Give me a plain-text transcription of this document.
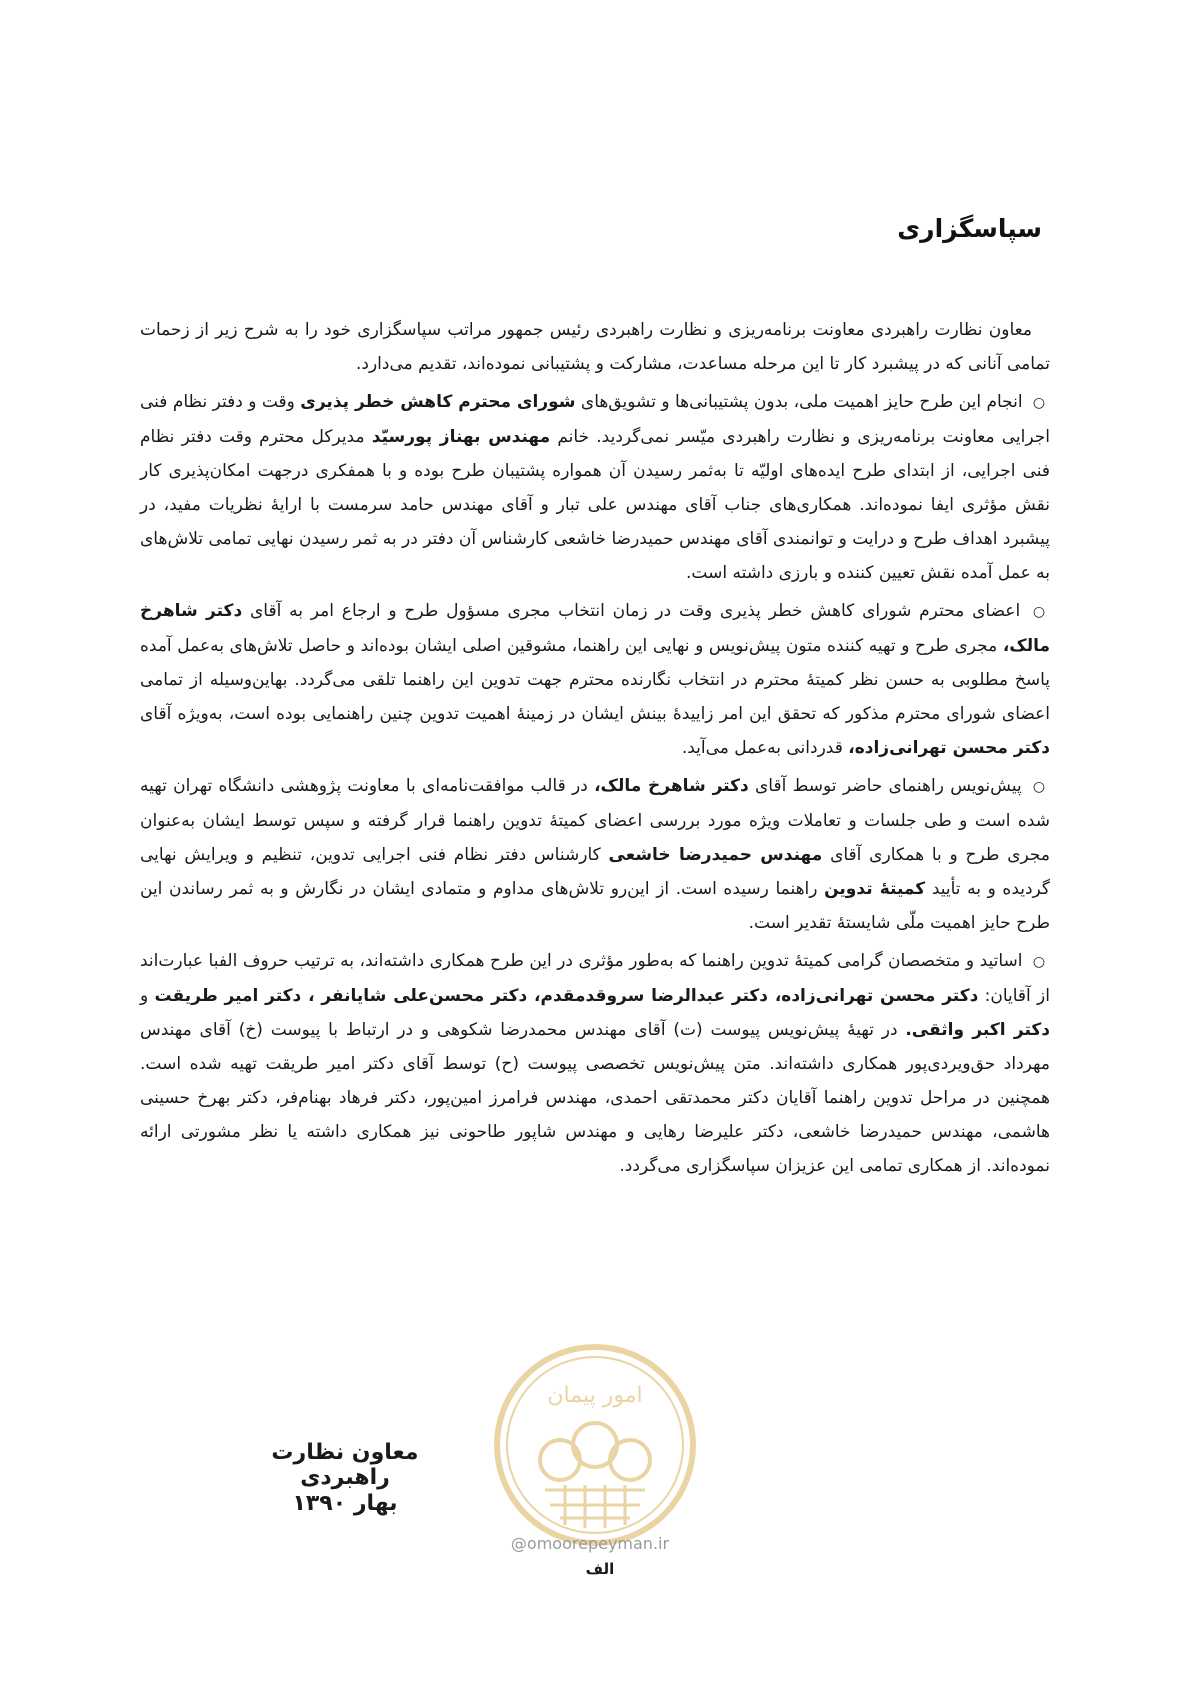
سپاسگزاری

معاون نظارت راهبردی معاونت برنامه‌ریزی و نظارت راهبردی رئیس جمهور مراتب سپاسگزاری خود را به شرح زیر از زحمات تمامی آنانی که در پیشبرد کار تا این مرحله مساعدت، مشارکت و پشتیبانی نموده‌اند، تقدیم می‌دارد.

○ انجام این طرح حایز اهمیت ملی، بدون پشتیبانی‌ها و تشویق‌های شورای محترم کاهش خطر پذیری وقت و دفتر نظام فنی اجرایی معاونت برنامه‌ریزی و نظارت راهبردی میّسر نمی‌گردید. خانم مهندس بهناز پورسیّد مدیرکل محترم وقت دفتر نظام فنی اجرایی، از ابتدای طرح ایده‌های اولیّه تا به‌ثمر رسیدن آن همواره پشتیبان طرح بوده و با همفکری درجهت امکان‌پذیری کار نقش مؤثری ایفا نموده‌اند. همکاری‌های جناب آقای مهندس علی تبار و آقای مهندس حامد سرمست با ارایهٔ نظریات مفید، در پیشبرد اهداف طرح و درایت و توانمندی آقای مهندس حمیدرضا خاشعی کارشناس آن دفتر در به ثمر رسیدن نهایی تمامی تلاش‌های به عمل آمده نقش تعیین کننده و بارزی داشته است.

○ اعضای محترم شورای کاهش خطر پذیری وقت در زمان انتخاب مجری مسؤول طرح و ارجاع امر به آقای دکتر شاهرخ مالک، مجری طرح و تهیه کننده متون پیش‌نویس و نهایی این راهنما، مشوقین اصلی ایشان بوده‌اند و حاصل تلاش‌های به‌عمل آمده پاسخ مطلوبی به حسن نظر کمیتهٔ محترم در انتخاب نگارنده محترم جهت تدوین این راهنما تلقی می‌گردد. بهاین‌وسیله از تمامی اعضای شورای محترم مذکور که تحقق این امر زاییدهٔ بینش ایشان در زمینهٔ اهمیت تدوین چنین راهنمایی بوده است، به‌ویژه آقای دکتر محسن تهرانی‌زاده، قدردانی به‌عمل می‌آید.

○ پیش‌نویس راهنمای حاضر توسط آقای دکتر شاهرخ مالک، در قالب موافقت‌نامه‌ای با معاونت پژوهشی دانشگاه تهران تهیه شده است و طی جلسات و تعاملات ویژه مورد بررسی اعضای کمیتهٔ تدوین راهنما قرار گرفته و سپس توسط ایشان به‌عنوان مجری طرح و با همکاری آقای مهندس حمیدرضا خاشعی کارشناس دفتر نظام فنی اجرایی تدوین، تنظیم و ویرایش نهایی گردیده و به تأیید کمیتهٔ تدوین راهنما رسیده است. از این‌رو تلاش‌های مداوم و متمادی ایشان در نگارش و به ثمر رساندن این طرح حایز اهمیت ملّی شایستهٔ تقدیر است.

○ اساتید و متخصصان گرامی کمیتهٔ تدوین راهنما که به‌طور مؤثری در این طرح همکاری داشته‌اند، به ترتیب حروف الفبا عبارت‌اند از آقایان: دکتر محسن تهرانی‌زاده، دکتر عبدالرضا سروقدمقدم، دکتر محسن‌علی شایانفر ، دکتر امیر طریقت و دکتر اکبر واثقی. در تهیهٔ پیش‌نویس پیوست (ت) آقای مهندس محمدرضا شکوهی و در ارتباط با پیوست (خ) آقای مهندس مهرداد حق‌ویردی‌پور همکاری داشته‌اند. متن پیش‌نویس تخصصی پیوست (ح) توسط آقای دکتر امیر طریقت تهیه شده است. همچنین در مراحل تدوین راهنما آقایان دکتر محمدتقی احمدی، مهندس فرامرز امین‌پور، دکتر فرهاد بهنام‌فر، دکتر بهرخ حسینی هاشمی، مهندس حمیدرضا خاشعی، دکتر علیرضا رهایی و مهندس شاپور طاحونی نیز همکاری داشته یا نظر مشورتی ارائه نموده‌اند. از همکاری تمامی این عزیزان سپاسگزاری می‌گردد.

معاون نظارت راهبردی
بهار ۱۳۹۰
امور پیمان
@omoorepeyman.ir
الف
